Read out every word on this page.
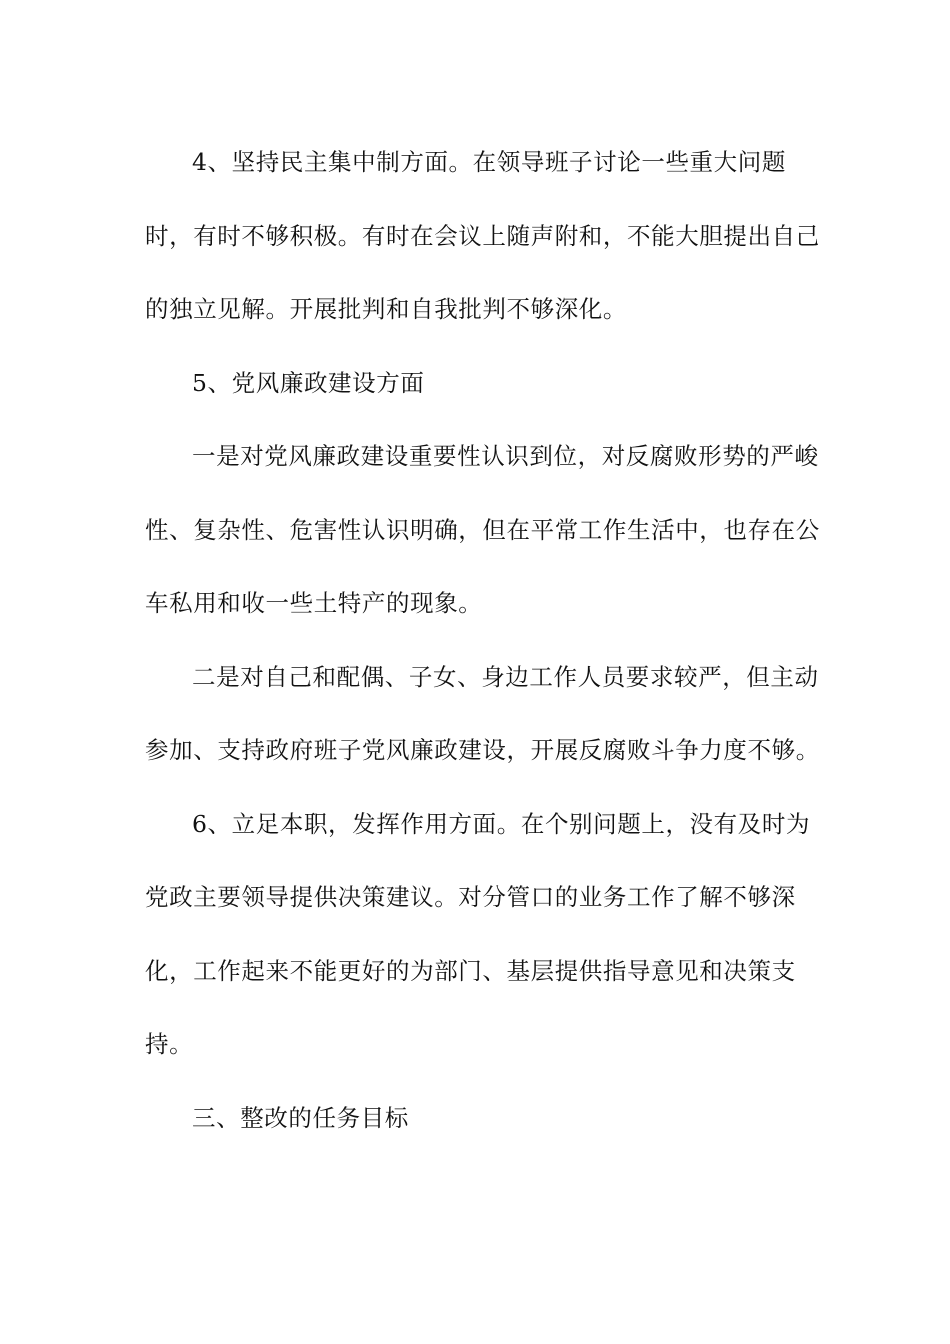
4、坚持民主集中制方面。在领导班子讨论一些重大问题时，有时不够积极。有时在会议上随声附和，不能大胆提出自己的独立见解。开展批判和自我批判不够深化。

5、党风廉政建设方面

一是对党风廉政建设重要性认识到位，对反腐败形势的严峻性、复杂性、危害性认识明确，但在平常工作生活中，也存在公车私用和收一些土特产的现象。

二是对自己和配偶、子女、身边工作人员要求较严，但主动参加、支持政府班子党风廉政建设，开展反腐败斗争力度不够。

6、立足本职，发挥作用方面。在个别问题上，没有及时为党政主要领导提供决策建议。对分管口的业务工作了解不够深化，工作起来不能更好的为部门、基层提供指导意见和决策支持。

三、整改的任务目标
